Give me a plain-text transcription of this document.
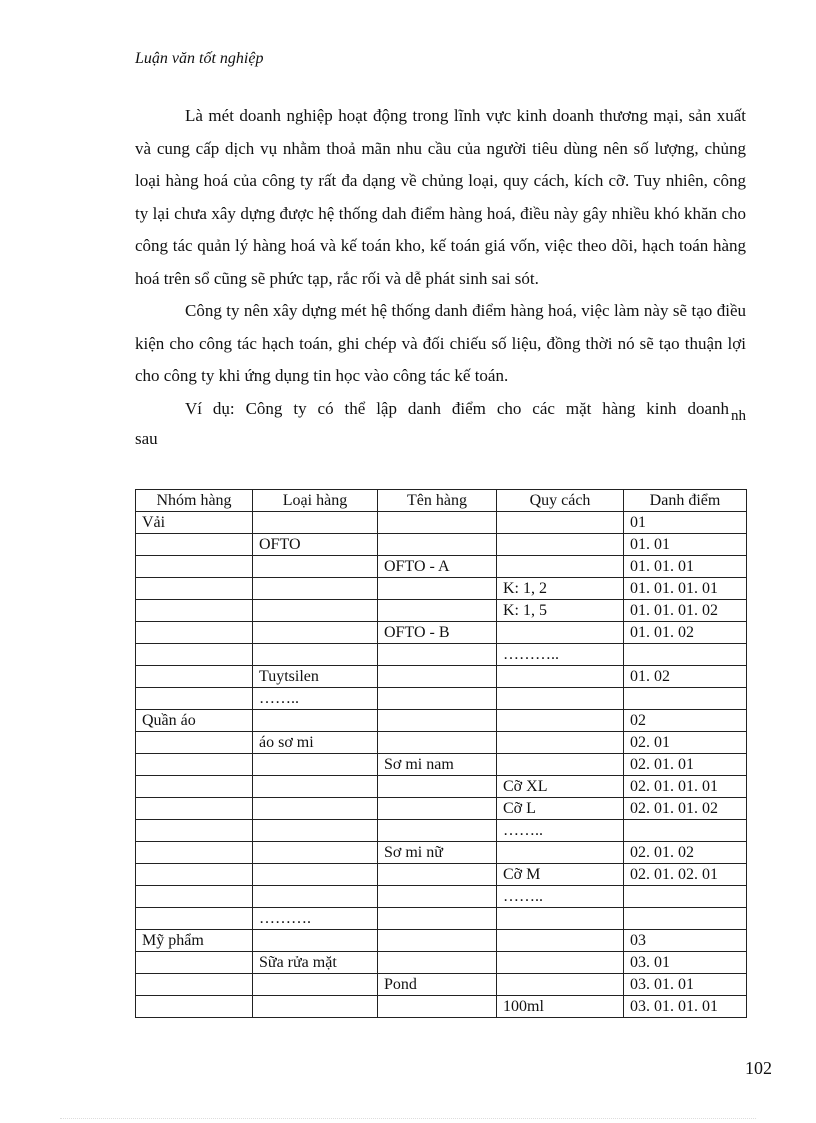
Luận văn tốt nghiệp

Là mét doanh nghiệp hoạt động trong lĩnh vực kinh doanh thương mại, sản xuất và cung cấp dịch vụ nhằm thoả mãn nhu cầu của người tiêu dùng nên số lượng, chủng loại hàng hoá của công ty rất đa dạng về chủng loại, quy cách, kích cỡ. Tuy nhiên, công ty lại chưa xây dựng được hệ thống dah điểm hàng hoá, điều này gây nhiều khó khăn cho công tác quản lý hàng hoá và kế toán kho, kế toán giá vốn, việc theo dõi, hạch toán hàng hoá trên sổ cũng sẽ phức tạp, rắc rối và dễ phát sinh sai sót.

Công ty nên xây dựng mét hệ thống danh điểm hàng hoá, việc làm này sẽ tạo điều kiện cho công tác hạch toán, ghi chép và đối chiếu số liệu, đồng thời nó sẽ tạo thuận lợi cho công ty khi ứng dụng tin học vào công tác kế toán.

Ví dụ: Công ty có thể lập danh điểm cho các mặt hàng kinh doanh nh

sau

Nhóm hàng	Loại hàng	Tên hàng	Quy cách	Danh điểm
Vải				01
	OFTO			01. 01
		OFTO - A		01. 01. 01
			K: 1, 2	01. 01. 01. 01
			K: 1, 5	01. 01. 01. 02
		OFTO - B		01. 01. 02
			………..	
	Tuytsilen			01. 02
	……..			
Quần áo				02
	áo sơ mi			02. 01
		Sơ mi nam		02. 01. 01
			Cỡ XL	02. 01. 01. 01
			Cỡ L	02. 01. 01. 02
			……..	
		Sơ mi nữ		02. 01. 02
			Cỡ M	02. 01. 02. 01
			……..	
	……….			
Mỹ phẩm				03
	Sữa rửa mặt			03. 01
		Pond		03. 01. 01
			100ml	03. 01. 01. 01
102
